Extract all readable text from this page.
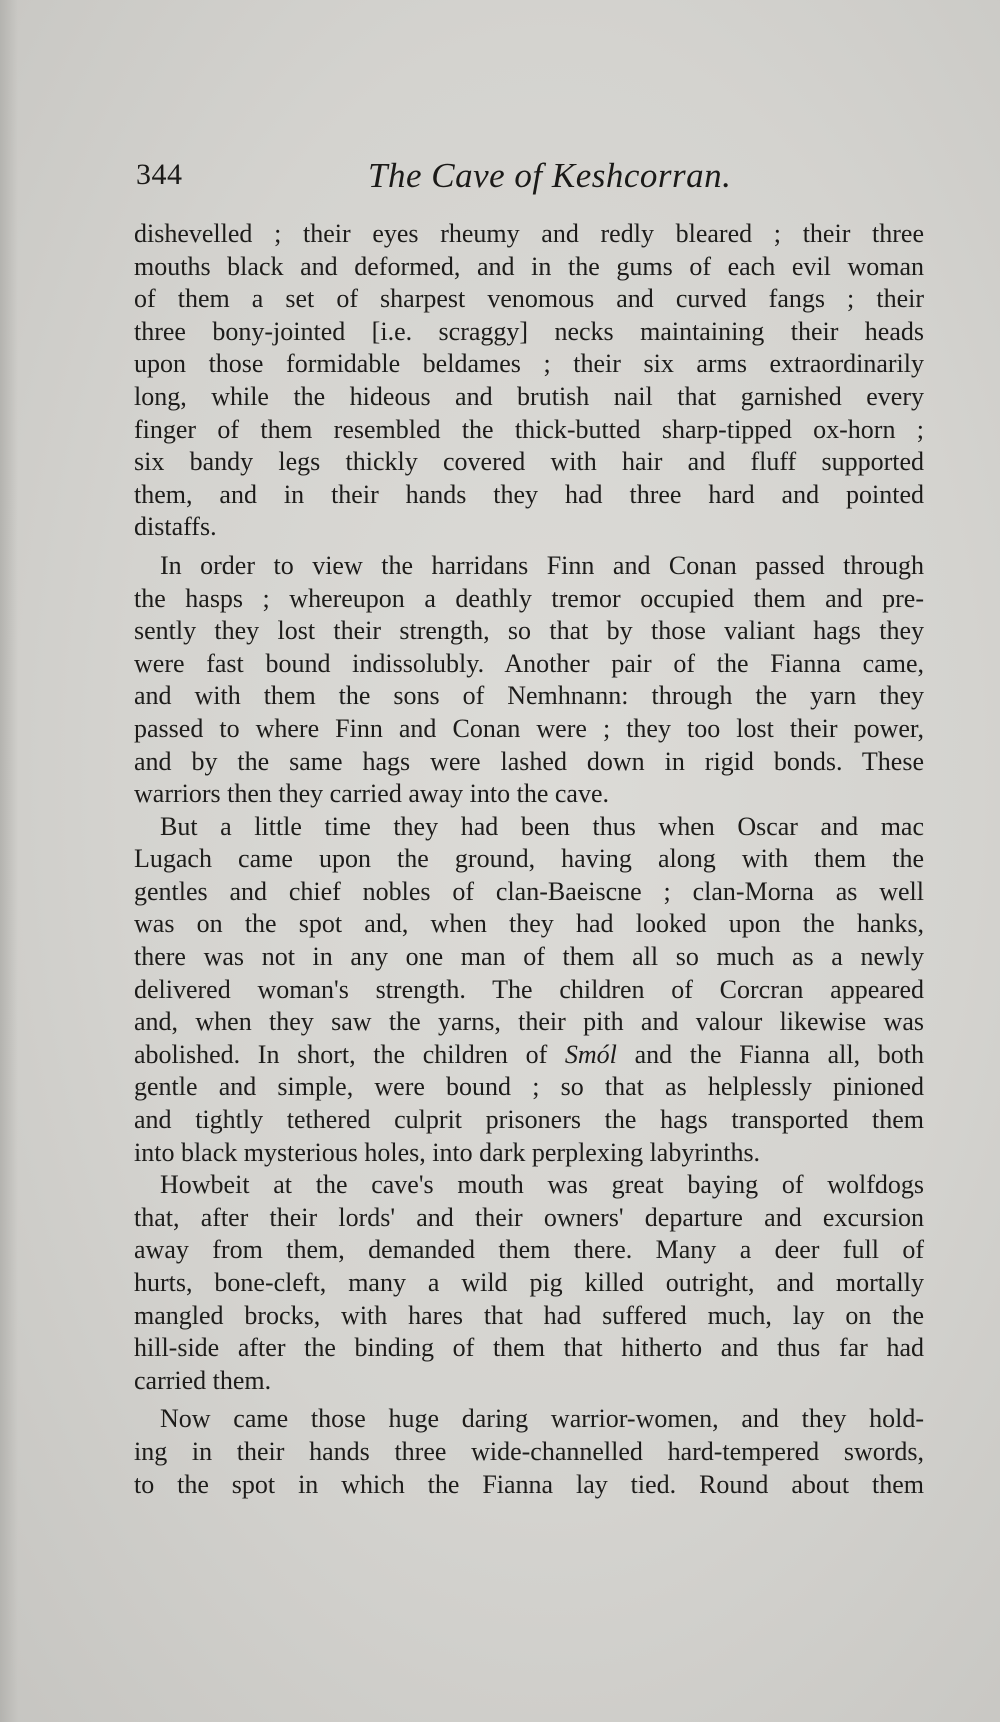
344	The Cave of Keshcorran.
dishevelled ; their eyes rheumy and redly bleared ; their three
mouths black and deformed, and in the gums of each evil woman
of them a set of sharpest venomous and curved fangs ; their
three bony-jointed [i.e. scraggy] necks maintaining their heads
upon those formidable beldames ; their six arms extraordinarily
long, while the hideous and brutish nail that garnished every
finger of them resembled the thick-butted sharp-tipped ox-horn ;
six bandy legs thickly covered with hair and fluff supported
them, and in their hands they had three hard and pointed
distaffs.
In order to view the harridans Finn and Conan passed through
the hasps ; whereupon a deathly tremor occupied them and pre-
sently they lost their strength, so that by those valiant hags they
were fast bound indissolubly. Another pair of the Fianna came,
and with them the sons of Nemhnann: through the yarn they
passed to where Finn and Conan were ; they too lost their power,
and by the same hags were lashed down in rigid bonds. These
warriors then they carried away into the cave.
But a little time they had been thus when Oscar and mac
Lugach came upon the ground, having along with them the
gentles and chief nobles of clan-Baeiscne ; clan-Morna as well
was on the spot and, when they had looked upon the hanks,
there was not in any one man of them all so much as a newly
delivered woman's strength. The children of Corcran appeared
and, when they saw the yarns, their pith and valour likewise was
abolished. In short, the children of Smól and the Fianna all, both
gentle and simple, were bound ; so that as helplessly pinioned
and tightly tethered culprit prisoners the hags transported them
into black mysterious holes, into dark perplexing labyrinths.
Howbeit at the cave's mouth was great baying of wolfdogs
that, after their lords' and their owners' departure and excursion
away from them, demanded them there. Many a deer full of
hurts, bone-cleft, many a wild pig killed outright, and mortally
mangled brocks, with hares that had suffered much, lay on the
hill-side after the binding of them that hitherto and thus far had
carried them.
Now came those huge daring warrior-women, and they hold-
ing in their hands three wide-channelled hard-tempered swords,
to the spot in which the Fianna lay tied. Round about them
